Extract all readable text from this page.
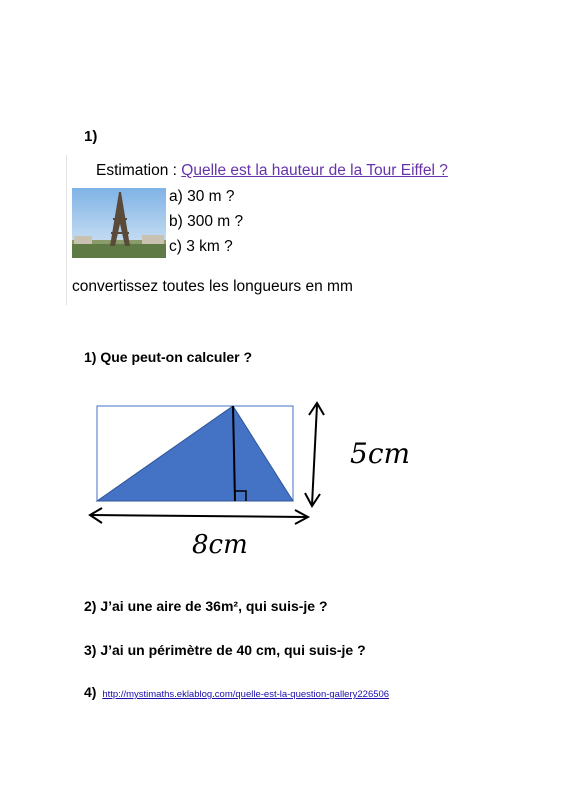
1)
Estimation : Quelle est la hauteur de la Tour Eiffel ?
a) 30 m ?
b) 300 m ?
c) 3 km ?
convertissez toutes les longueurs en mm
1) Que peut-on calculer ?
5cm
8cm
2) J’ai une aire de 36m², qui suis-je ?
3) J’ai un périmètre de 40 cm, qui suis-je ?
4) http://mystimaths.eklablog.com/quelle-est-la-question-gallery226506
